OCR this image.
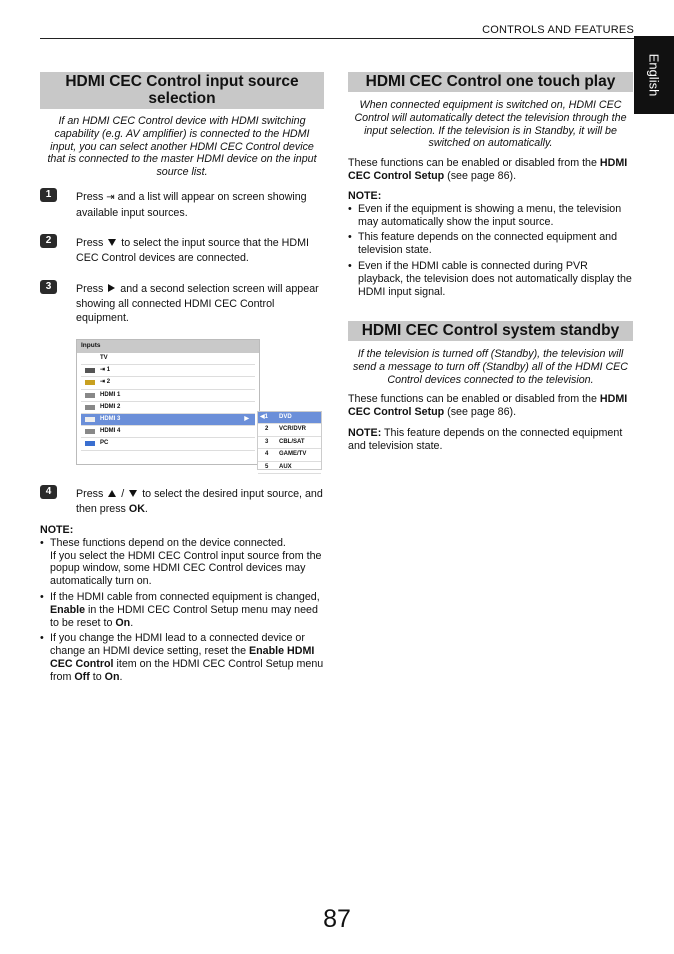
CONTROLS AND FEATURES
English
HDMI CEC Control input source selection
If an HDMI CEC Control device with HDMI switching capability (e.g. AV amplifier) is connected to the HDMI input, you can select another HDMI CEC Control device that is connected to the master HDMI device on the input source list.
1	Press ⇥ and a list will appear on screen showing available input sources.
2	Press  to select the input source that the HDMI CEC Control devices are connected.
3	Press  and a second selection screen will appear showing all connected HDMI CEC Control equipment.
Inputs
TV
⇥ 1
⇥ 2
HDMI 1
HDMI 2
HDMI 3	▶
HDMI 4
PC
◀1 DVD
2 VCR/DVR
3 CBL/SAT
4 GAME/TV
5 AUX
4	Press  /  to select the desired input source, and then press OK.
NOTE:
• These functions depend on the device connected.
If you select the HDMI CEC Control input source from the popup window, some HDMI CEC Control devices may automatically turn on.
• If the HDMI cable from connected equipment is changed, Enable in the HDMI CEC Control Setup menu may need to be reset to On.
• If you change the HDMI lead to a connected device or change an HDMI device setting, reset the Enable HDMI CEC Control item on the HDMI CEC Control Setup menu from Off to On.
HDMI CEC Control one touch play
When connected equipment is switched on, HDMI CEC Control will automatically detect the television through the input selection. If the television is in Standby, it will be switched on automatically.
These functions can be enabled or disabled from the HDMI CEC Control Setup (see page 86).
NOTE:
• Even if the equipment is showing a menu, the television may automatically show the input source.
• This feature depends on the connected equipment and television state.
• Even if the HDMI cable is connected during PVR playback, the television does not automatically display the HDMI input signal.
HDMI CEC Control system standby
If the television is turned off (Standby), the television will send a message to turn off (Standby) all of the HDMI CEC Control devices connected to the television.
These functions can be enabled or disabled from the HDMI CEC Control Setup (see page 86).
NOTE: This feature depends on the connected equipment and television state.
87
